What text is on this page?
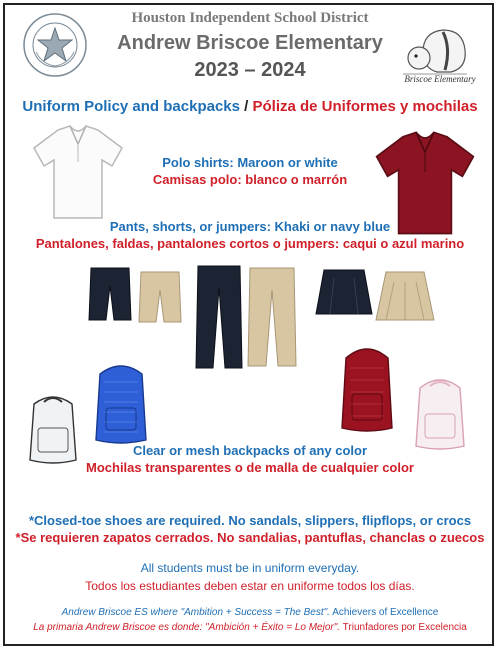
Briscoe Elementary
Houston Independent School District
Andrew Briscoe Elementary
2023 – 2024
Uniform Policy and backpacks / Póliza de Uniformes y mochilas
Polo shirts: Maroon or white
Camisas polo: blanco o marrón
Pants, shorts, or jumpers: Khaki or navy blue
Pantalones, faldas, pantalones cortos o jumpers: caqui o azul marino
Clear or mesh backpacks of any color
Mochilas transparentes o de malla de cualquier color
*Closed-toe shoes are required. No sandals, slippers, flipflops, or crocs
*Se requieren zapatos cerrados. No sandalias, pantuflas, chanclas o zuecos
All students must be in uniform everyday.
Todos los estudiantes deben estar en uniforme todos los días.
Andrew Briscoe ES where "Ambition + Success = The Best". Achievers of Excellence
La primaria Andrew Briscoe es donde: "Ambición + Éxito = Lo Mejor". Triunfadores por Excelencia
